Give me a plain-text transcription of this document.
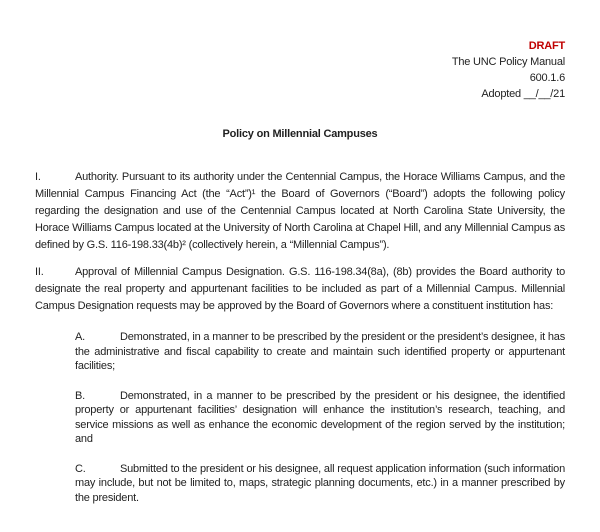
DRAFT
The UNC Policy Manual
600.1.6
Adopted __/__/21
Policy on Millennial Campuses

I.	Authority. Pursuant to its authority under the Centennial Campus, the Horace Williams Campus, and the Millennial Campus Financing Act (the “Act”)¹ the Board of Governors (“Board”) adopts the following policy regarding the designation and use of the Centennial Campus located at North Carolina State University, the Horace Williams Campus located at the University of North Carolina at Chapel Hill, and any Millennial Campus as defined by G.S. 116-198.33(4b)² (collectively herein, a “Millennial Campus”).

II.	Approval of Millennial Campus Designation. G.S. 116-198.34(8a), (8b) provides the Board authority to designate the real property and appurtenant facilities to be included as part of a Millennial Campus. Millennial Campus Designation requests may be approved by the Board of Governors where a constituent institution has:

A.	Demonstrated, in a manner to be prescribed by the president or the president’s designee, it has the administrative and fiscal capability to create and maintain such identified property or appurtenant facilities;

B.	Demonstrated, in a manner to be prescribed by the president or his designee, the identified property or appurtenant facilities’ designation will enhance the institution’s research, teaching, and service missions as well as enhance the economic development of the region served by the institution; and

C.	Submitted to the president or his designee, all request application information (such information may include, but not be limited to, maps, strategic planning documents, etc.) in a manner prescribed by the president.
